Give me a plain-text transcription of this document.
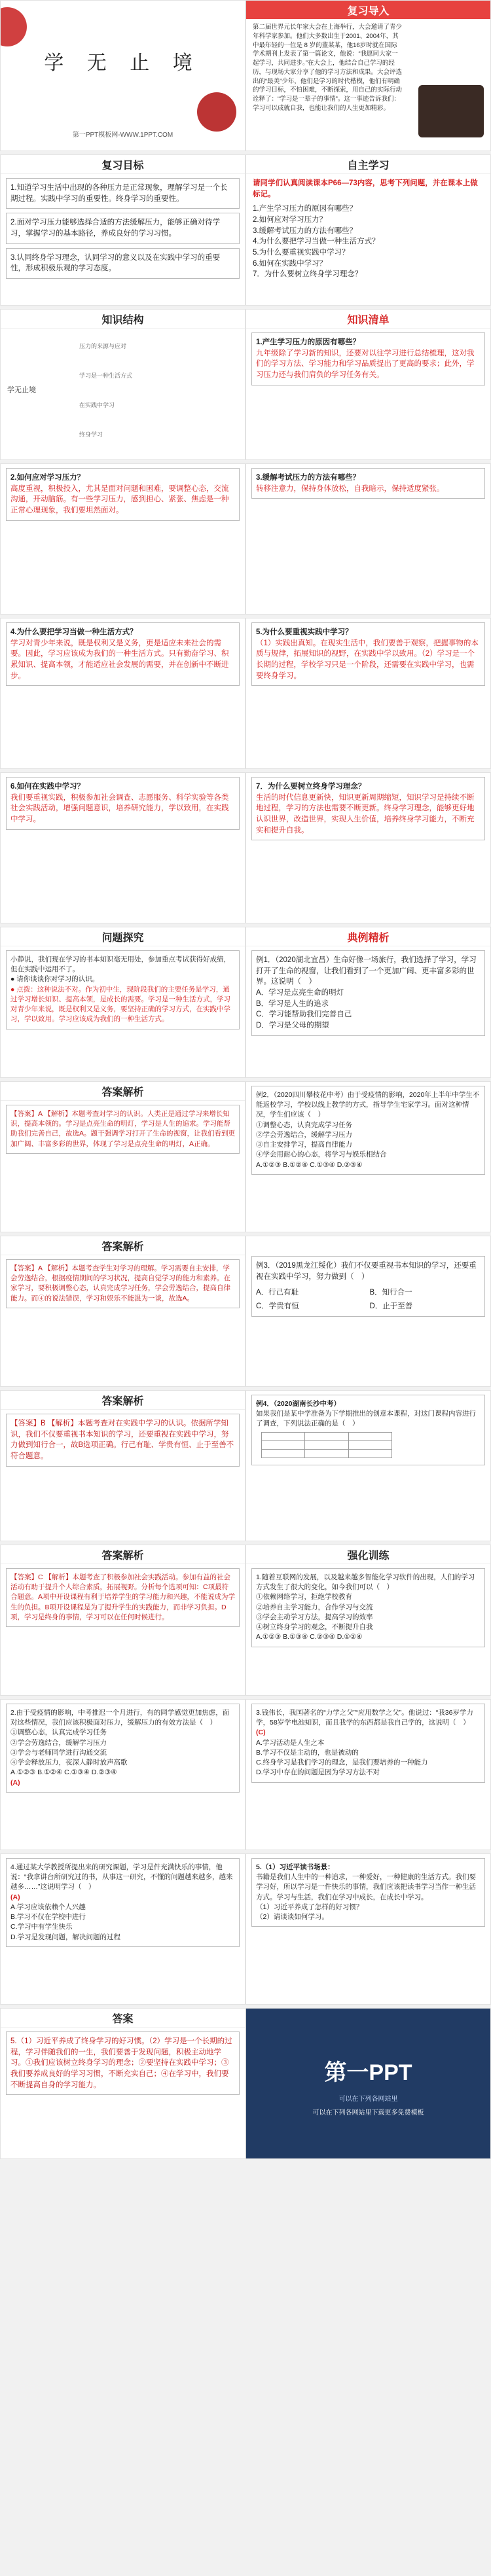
学 无 止 境
第一PPT模板网-WWW.1PPT.COM
复习导入
第二届世界元长年家大会在上海举行，大会邀请了青少年科学家参加。他们大多数出生于2001、2004年，其中最年轻的一位是 8 岁的董某某，他16岁时就在国际学术期刊上发表了第一篇论文，他说：“我愿同大家一起学习，共同进步。”在大会上，他结合自己学习的经历，与现场大家分享了他的学习方法和成果。大会评选出的“最美”少年，他们是学习的时代楷模，他们有明确的学习目标，不怕困难，不断探索，用自己的实际行动诠释了：“学习是一辈子的事情”。这一事迹告诉我们：学习可以成就自我，也能让我们的人生更加精彩。
复习目标
1.知道学习生活中出现的各种压力是正常现象，理解学习是一个长期过程。实践中学习的重要性。终身学习的重要性。
2.面对学习压力能够选择合适的方法缓解压力，能够正确对待学习，掌握学习的基本路径，养成良好的学习习惯。
3.认同终身学习理念，认同学习的意义以及在实践中学习的重要性，形成积极乐观的学习态度。
自主学习
请同学们认真阅读课本P66—73内容，思考下列问题，并在课本上做标记。
1.产生学习压力的原因有哪些？
2.如何应对学习压力？
3.缓解考试压力的方法有哪些？
4.为什么要把学习当做一种生活方式？
5.为什么要重视实践中学习？
6.如何在实践中学习？
7．为什么要树立终身学习理念？
知识结构
学无止境
压力的来源与应对
学习是一种生活方式
在实践中学习
终身学习
知识清单
1.产生学习压力的原因有哪些？
九年级除了学习新的知识，还要对以往学习进行总结梳理，这对我们的学习方法、学习能力和学习品质提出了更高的要求；此外，学习压力还与我们肩负的学习任务有关。
2.如何应对学习压力？
高度重视，积极投入，尤其是面对问题和困难，要调整心态，交流沟通，开动脑筋。有一些学习压力，感到担心、紧张、焦虑是一种正常心理现象，我们要坦然面对。
3.缓解考试压力的方法有哪些？
转移注意力，保持身体放松，自我暗示，保持适度紧张。
4.为什么要把学习当做一种生活方式？
学习对青少年来说，既是权利又是义务，更是适应未来社会的需要。因此，学习应该成为我们的一种生活方式。只有勤奋学习、积累知识、提高本领，才能适应社会发展的需要，并在创新中不断进步。
5.为什么要重视实践中学习？
（1）实践出真知。在现实生活中，我们要善于观察，把握事物的本质与规律，拓展知识的视野，在实践中学以致用。（2）学习是一个长期的过程，学校学习只是一个阶段，还需要在实践中学习，也需要终身学习。
6.如何在实践中学习？
我们要重视实践，积极参加社会调查、志愿服务、科学实验等各类社会实践活动，增强问题意识，培养研究能力，学以致用，在实践中学习。
7．为什么要树立终身学习理念？
生活的时代信息更新快，知识更新周期缩短，知识学习是持续不断地过程，学习的方法也需要不断更新。终身学习理念，能够更好地认识世界，改造世界，实现人生价值，培养终身学习能力，不断充实和提升自我。
问题探究
小静说，我们现在学习的书本知识毫无用处，参加重点考试获得好成绩，但在实践中运用不了。
● 请你谈谈你对学习的认识。
● 点拨：这种说法不对。作为初中生，现阶段我们的主要任务是学习，通过学习增长知识、提高本领，是成长的需要。学习是一种生活方式，学习对青少年来说，既是权利又是义务，要坚持正确的学习方式，在实践中学习，学以致用。学习应该成为我们的一种生活方式。
典例精析
例1．（2020湖北宜昌）生命好像一场旅行，我们选择了学习，学习打开了生命的视窗，让我们看到了一个更加广阔、更丰富多彩的世界。这说明（　）
A．学习是点亮生命的明灯
B．学习是人生的追求
C．学习能帮助我们完善自己
D．学习是父母的期望
答案解析
【答案】A 【解析】本题考查对学习的认识。人类正是通过学习来增长知识，提高本领的。学习是点亮生命的明灯，学习是人生的追求。学习能帮助我们完善自己，故选A。题干强调学习打开了生命的视窗，让我们看到更加广阔、丰富多彩的世界，体现了学习是点亮生命的明灯，A正确。
例2．（2020四川攀枝花中考）由于受疫情的影响，2020年上半年中学生不能返校学习，学校以线上教学的方式，指导学生宅家学习。面对这种情况，学生们应该（　）
①调整心态，认真完成学习任务
②学会劳逸结合，缓解学习压力
③自主安排学习，提高自律能力
④学会用耐心的心态，将学习与娱乐相结合
A.①②③ B.①②④ C.①③④ D.②③④
答案解析
【答案】A 【解析】本题考查学生对学习的理解。学习需要自主安排，学会劳逸结合，根据疫情期间的学习状况，提高自觉学习的能力和素养。在家学习，要积极调整心态，认真完成学习任务，学会劳逸结合，提高自律能力。而④的说法错误，学习和娱乐不能混为一谈，故选A。
例3．（2019黑龙江绥化）我们不仅要重视书本知识的学习，还要重视在实践中学习，努力做到（　）
A．行己有耻	B．知行合一
C．学贵有恒	D．止于至善
答案解析
【答案】B 【解析】本题考查对在实践中学习的认识。依据所学知识，我们不仅要重视书本知识的学习，还要重视在实践中学习，努力做到知行合一，故B选项正确。行己有耻、学贵有恒、止于至善不符合题意。
例4．（2020湖南长沙中考）
如果我们是某中学准备为下学期推出的创意本课程，对这门课程内容进行了调查，下列说法正确的是（　）

答案解析
【答案】C 【解析】本题考查了积极参加社会实践活动。参加有益的社会活动有助于提升个人综合素质，拓展视野。分析每个选项可知：C项最符合题意。A项中开设课程有利于培养学生的学习能力和兴趣，不能说成为学生的负担。B项开设课程是为了提升学生的实践能力，而非学习负担。D项，学习是终身的事情，学习可以在任何时候进行。
强化训练
1.随着互联网的发展，以及越来越多智能化学习软件的出现，人们的学习方式发生了很大的变化，如今我们可以（　）
①依赖网络学习，拒绝学校教育
②培养自主学习能力，合作学习与交流
③学会主动学习方法，提高学习的效率
④树立终身学习的观念，不断提升自我
A.①②③ B.①③④ C.②③④ D.①②④
2.由于受疫情的影响，中考推迟一个月进行，有的同学感觉更加焦虑，面对这些情况，我们应该积极面对压力，缓解压力的有效方法是（　）
①调整心态，认真完成学习任务
②学会劳逸结合，缓解学习压力
③学会与老师同学进行沟通交流
④学会释放压力，夜深人静时放声高歌
A.①②③ B.①②④ C.①③④ D.②③④
(A)
3.钱伟长，我国著名的“力学之父”“应用数学之父”。他说过：“我36岁学力学，58岁学电池知识，而且我学的东西都是我自己学的，这说明（　）
(C)
A.学习活动是人生之本
B.学习不仅是主动的，也是被动的
C.终身学习是我们学习的理念，是我们要培养的一种能力
D.学习中存在的问题是因为学习方法不对
4.通过某大学教授所提出来的研究课题，学习是件充满快乐的事情，他说：“我拿讲台所研究过的书，从事这一研究，不懂的问题越来越多，越来越多……”这说明学习（　）
(A)
A.学习应该依赖个人兴趣
B.学习不仅在学校中进行
C.学习中有学生快乐
D.学习是发现问题，解决问题的过程
5.（1）习近平读书场景：
书籍是我们人生中的一种追求，一种爱好，一种健康的生活方式。我们要学习好，所以学习是一件快乐的事情，我们应该把读书学习当作一种生活方式。学习与生活，我们在学习中成长，在成长中学习。
（1）习近平养成了怎样的好习惯？
（2）请谈谈如何学习。
答案
5.（1）习近平养成了终身学习的好习惯。（2）学习是一个长期的过程，学习伴随我们的一生，我们要善于发现问题，积极主动地学习。①我们应该树立终身学习的理念；②要坚持在实践中学习；③我们要养成良好的学习习惯，不断充实自己；④在学习中，我们要不断提高自身的学习能力。	第一PPT
可以在下列各网站里
可以在下列各网站里下载更多免费模板
